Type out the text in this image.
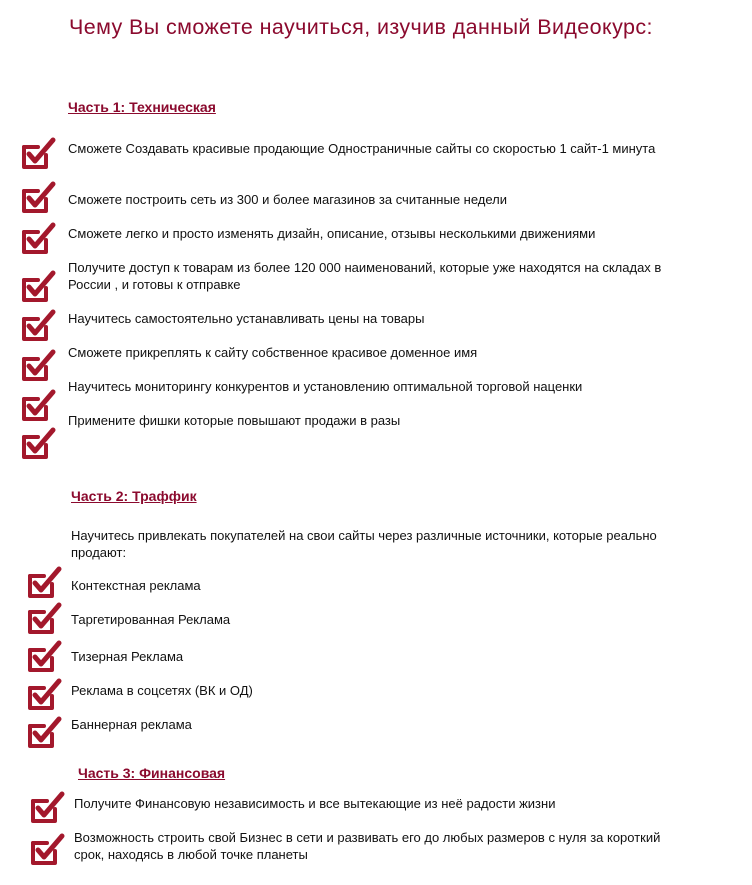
Чему Вы сможете научиться, изучив данный Видеокурс:
Часть 1: Техническая

Сможете Создавать красивые продающие Одностраничные сайты со скоростью 1 сайт-1 минута

Сможете построить сеть из 300 и более магазинов за считанные недели

Сможете легко и просто изменять дизайн, описание, отзывы несколькими движениями

Получите доступ к товарам из более 120 000 наименований, которые уже находятся на складах в России , и готовы к отправке

Научитесь самостоятельно устанавливать цены на товары

Сможете прикреплять к сайту собственное красивое доменное имя

Научитесь мониторингу конкурентов и установлению оптимальной торговой наценки

Примените фишки которые повышают продажи в разы

Часть 2: Траффик

Научитесь привлекать покупателей на свои сайты через различные источники, которые реально продают:

Контекстная реклама

Таргетированная Реклама

Тизерная Реклама

Реклама в соцсетях (ВК и ОД)

Баннерная реклама

Часть 3: Финансовая

Получите Финансовую независимость и все вытекающие из неё радости жизни

Возможность строить свой Бизнес в сети и развивать его до любых размеров с нуля за короткий срок, находясь в любой точке планеты
